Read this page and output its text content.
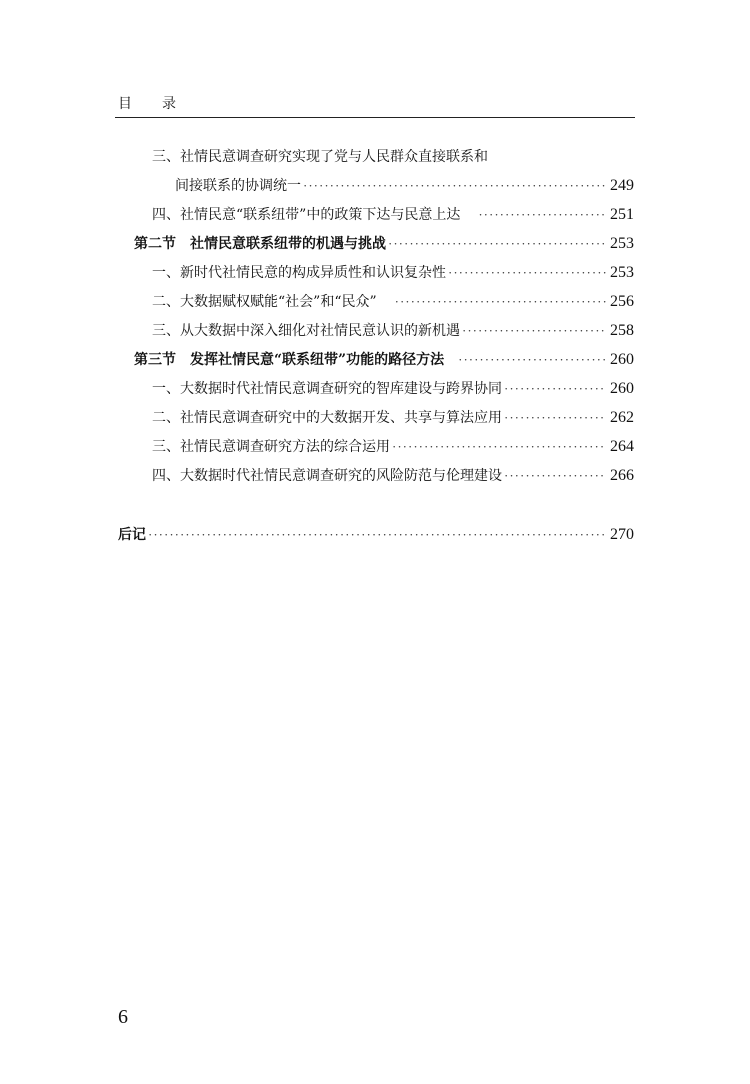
目 录
三、社情民意调查研究实现了党与人民群众直接联系和
间接联系的协调统一 ·····	249
四、社情民意“联系纽带”中的政策下达与民意上达 ·····	251
第二节 社情民意联系纽带的机遇与挑战 ·····	253
一、新时代社情民意的构成异质性和认识复杂性 ·····	253
二、大数据赋权赋能“社会”和“民众” ·····	256
三、从大数据中深入细化对社情民意认识的新机遇 ·····	258
第三节 发挥社情民意“联系纽带”功能的路径方法 ·····	260
一、大数据时代社情民意调查研究的智库建设与跨界协同 ·····	260
二、社情民意调查研究中的大数据开发、共享与算法应用 ·····	262
三、社情民意调查研究方法的综合运用 ·····	264
四、大数据时代社情民意调查研究的风险防范与伦理建设 ·····	266
后记 ·····	270
6
